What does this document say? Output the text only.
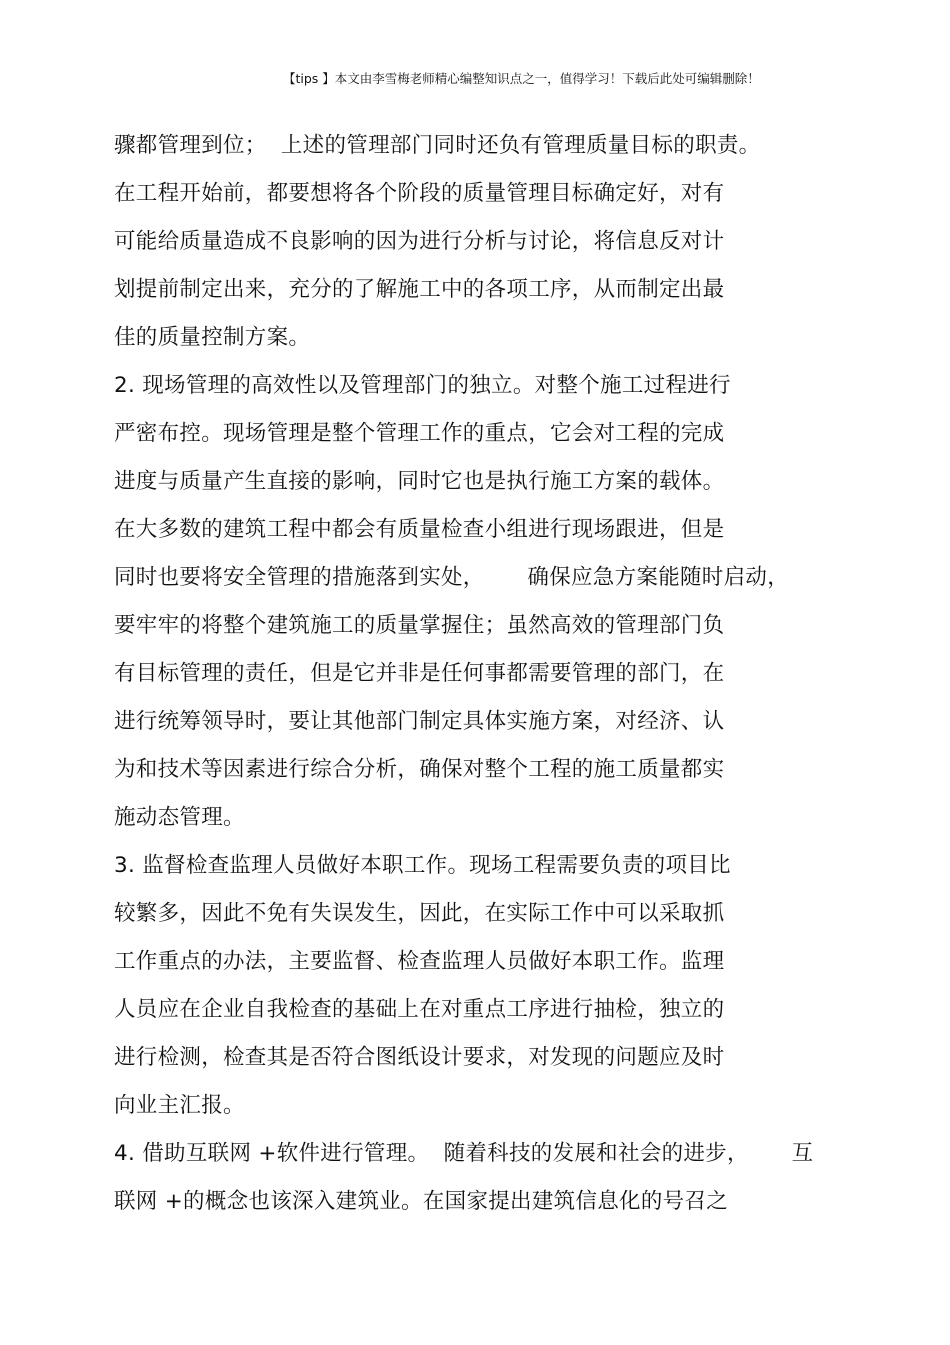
【tips 】本文由李雪梅老师精心编整知识点之一，值得学习！下载后此处可编辑删除！
骤都管理到位；  上述的管理部门同时还负有管理质量目标的职责。
在工程开始前，都要想将各个阶段的质量管理目标确定好，对有
可能给质量造成不良影响的因为进行分析与讨论，将信息反对计
划提前制定出来，充分的了解施工中的各项工序，从而制定出最
佳的质量控制方案。
2. 现场管理的高效性以及管理部门的独立。对整个施工过程进行
严密布控。现场管理是整个管理工作的重点，它会对工程的完成
进度与质量产生直接的影响，同时它也是执行施工方案的载体。
在大多数的建筑工程中都会有质量检查小组进行现场跟进，但是
同时也要将安全管理的措施落到实处，      确保应急方案能随时启动，
要牢牢的将整个建筑施工的质量掌握住；虽然高效的管理部门负
有目标管理的责任，但是它并非是任何事都需要管理的部门，在
进行统筹领导时，要让其他部门制定具体实施方案，对经济、认
为和技术等因素进行综合分析，确保对整个工程的施工质量都实
施动态管理。
3. 监督检查监理人员做好本职工作。现场工程需要负责的项目比
较繁多，因此不免有失误发生，因此，在实际工作中可以采取抓
工作重点的办法，主要监督、检查监理人员做好本职工作。监理
人员应在企业自我检查的基础上在对重点工序进行抽检，独立的
进行检测，检查其是否符合图纸设计要求，对发现的问题应及时
向业主汇报。
4. 借助互联网 +软件进行管理。  随着科技的发展和社会的进步，      互
联网 +的概念也该深入建筑业。在国家提出建筑信息化的号召之
